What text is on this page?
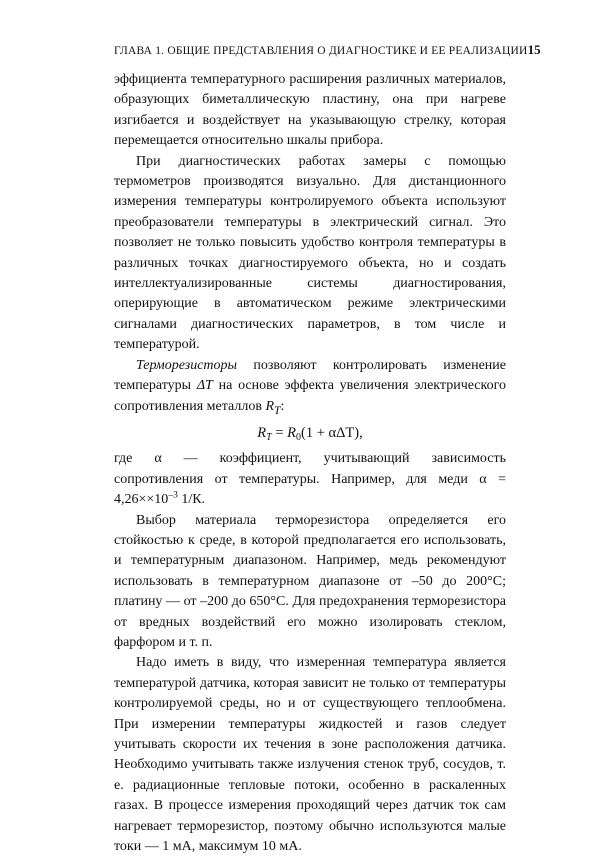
ГЛАВА 1. ОБЩИЕ ПРЕДСТАВЛЕНИЯ О ДИАГНОСТИКЕ И ЕЕ РЕАЛИЗАЦИИ 15

эффициента температурного расширения различных материалов, образующих биметаллическую пластину, она при нагреве изгибается и воздействует на указывающую стрелку, которая перемещается относительно шкалы прибора.

При диагностических работах замеры с помощью термометров производятся визуально. Для дистанционного измерения температуры контролируемого объекта используют преобразователи температуры в электрический сигнал. Это позволяет не только повысить удобство контроля температуры в различных точках диагностируемого объекта, но и создать интеллектуализированные системы диагностирования, оперирующие в автоматическом режиме электрическими сигналами диагностических параметров, в том числе и температурой.

Терморезисторы позволяют контролировать изменение температуры ΔT на основе эффекта увеличения электрического сопротивления металлов $R_T$:

$R_T = R_0(1 + \alpha\Delta T)$,

где α — коэффициент, учитывающий зависимость сопротивления от температуры. Например, для меди $\alpha = 4,26\times\times 10^{-3}$ 1/К.

Выбор материала терморезистора определяется его стойкостью к среде, в которой предполагается его использовать, и температурным диапазоном. Например, медь рекомендуют использовать в температурном диапазоне от –50 до 200°С; платину — от –200 до 650°С. Для предохранения терморезистора от вредных воздействий его можно изолировать стеклом, фарфором и т. п.

Надо иметь в виду, что измеренная температура является температурой датчика, которая зависит не только от температуры контролируемой среды, но и от существующего теплообмена. При измерении температуры жидкостей и газов следует учитывать скорости их течения в зоне расположения датчика. Необходимо учитывать также излучения стенок труб, сосудов, т. е. радиационные тепловые потоки, особенно в раскаленных газах. В процессе измерения проходящий через датчик ток сам нагревает терморезистор, поэтому обычно используются малые токи — 1 мА, максимум 10 мА.
